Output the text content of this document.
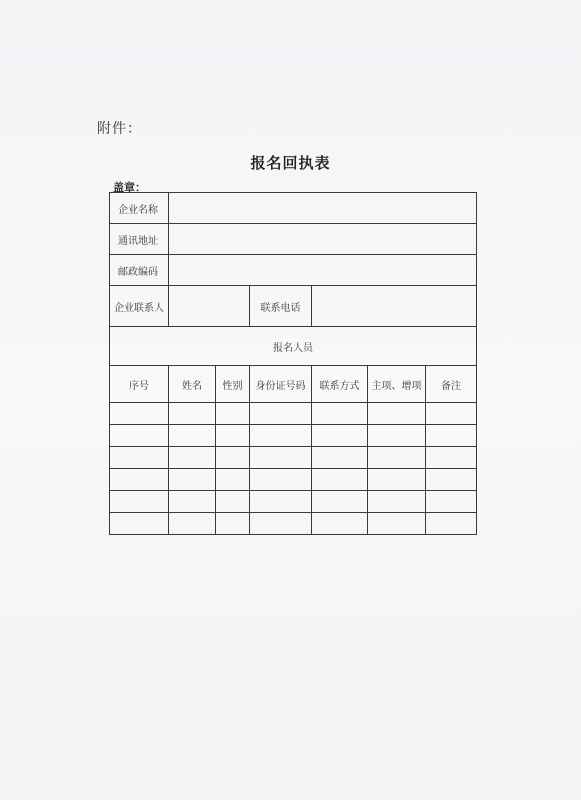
附件：
报名回执表
盖章：
企业名称						
通讯地址						
邮政编码						
企业联系人			联系电话			
报名人员						
序号	姓名	性别	身份证号码	联系方式	主项、增项	备注
